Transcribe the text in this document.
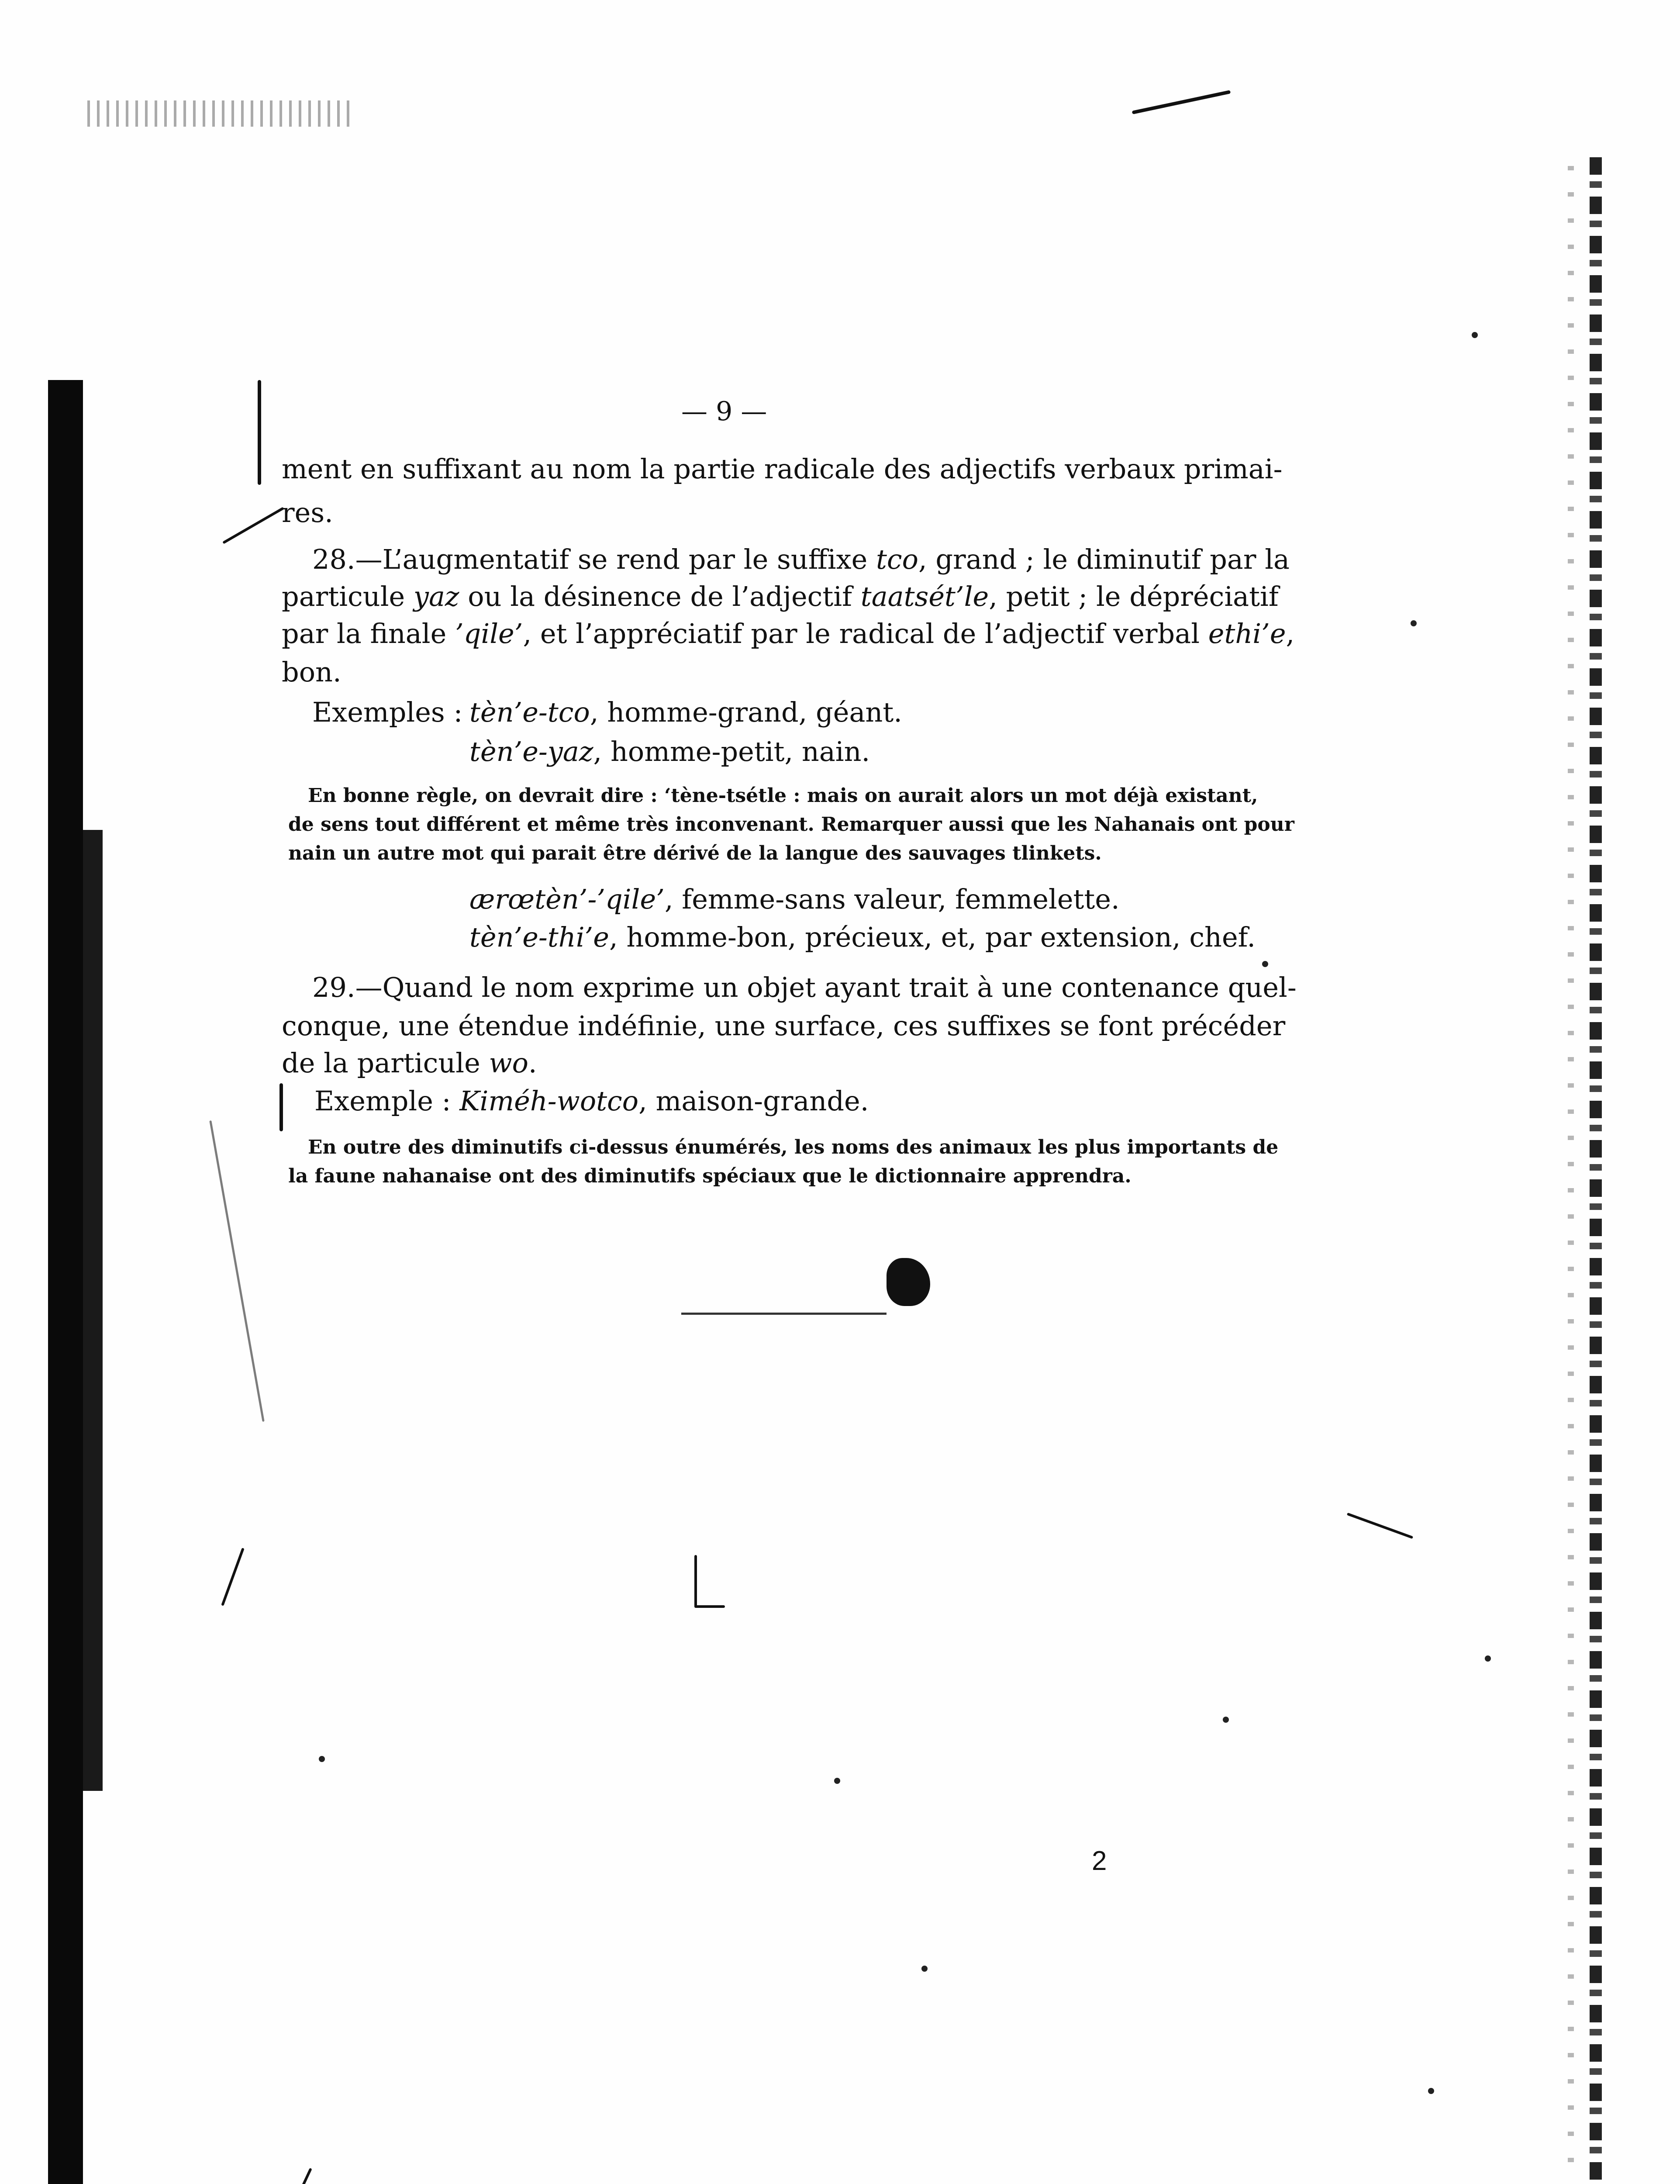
— 9 —
ment en suffixant au nom la partie radicale des adjectifs verbaux primai-
res.
28.—L’augmentatif se rend par le suffixe tco, grand ; le diminutif par la
particule yaz ou la désinence de l’adjectif taatsét’le, petit ; le dépréciatif
par la finale ’qile’, et l’appréciatif par le radical de l’adjectif verbal ethi’e,
bon.
Exemples : tèn’e-tco, homme-grand, géant.
tèn’e-yaz, homme-petit, nain.
En bonne règle, on devrait dire : ‘tène-tsétle : mais on aurait alors un mot déjà existant,
de sens tout différent et même très inconvenant. Remarquer aussi que les Nahanais ont pour
nain un autre mot qui parait être dérivé de la langue des sauvages tlinkets.
ærœtèn’-’qile’, femme-sans valeur, femmelette.
tèn’e-thi’e, homme-bon, précieux, et, par extension, chef.
29.—Quand le nom exprime un objet ayant trait à une contenance quel-
conque, une étendue indéfinie, une surface, ces suffixes se font précéder
de la particule wo.
Exemple : Kiméh-wotco, maison-grande.
En outre des diminutifs ci-dessus énumérés, les noms des animaux les plus importants de
la faune nahanaise ont des diminutifs spéciaux que le dictionnaire apprendra.
2
